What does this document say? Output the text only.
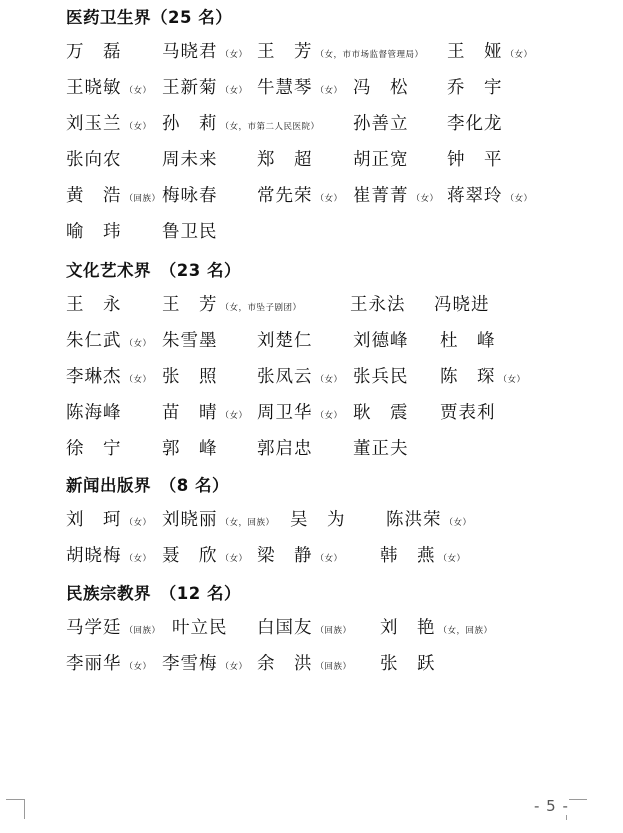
医药卫生界（25 名）
万　磊 马晓君 （女） 王　芳 （女，市市场监督管理局） 王　娅 （女）
王晓敏 （女） 王新菊 （女） 牛慧琴 （女） 冯　松 乔　宇
刘玉兰 （女） 孙　莉 （女，市第二人民医院） 孙善立 李化龙
张向农 周未来 郑　超 胡正宽 钟　平
黄　浩 （回族） 梅咏春 常先荣 （女） 崔菁菁 （女） 蒋翠玲 （女）
喻　玮 鲁卫民
文化艺术界　（23 名）
王　永 王　芳 （女，市坠子剧团）	王永法 冯晓进
朱仁武 （女） 朱雪墨 刘楚仁 刘德峰 杜　峰
李琳杰 （女） 张　照 张凤云 （女） 张兵民 陈　琛 （女）
陈海峰 苗　晴 （女） 周卫华 （女） 耿　震 贾表利
徐　宁 郭　峰 郭启忠 董正夫
新闻出版界　（8 名）
刘　珂 （女） 刘晓丽 （女，回族） 吴　为 陈洪荣 （女）
胡晓梅 （女） 聂　欣 （女） 梁　静 （女） 韩　燕 （女）
民族宗教界　（12 名）
马学廷 （回族） 叶立民 白国友 （回族） 刘　艳 （女，回族）
李丽华 （女） 李雪梅 （女） 余　洪 （回族） 张　跃
- 5 -
